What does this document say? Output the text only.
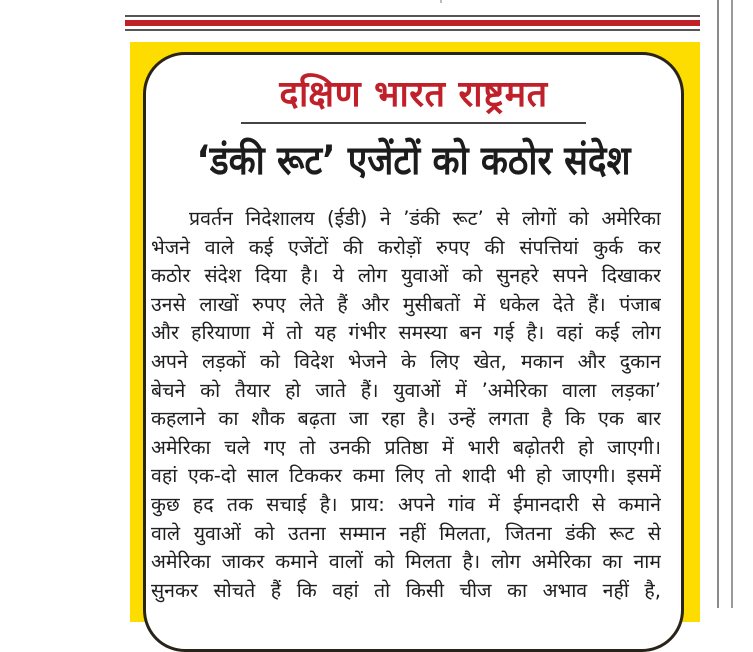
दक्षिण भारत राष्ट्रमत
‘डंकी रूट’ एजेंटों को कठोर संदेश
प्रवर्तन निदेशालय (ईडी) ने ’डंकी रूट’ से लोगों को अमेरिका
भेजने वाले कई एजेंटों की करोड़ों रुपए की संपत्तियां कुर्क कर
कठोर संदेश दिया है। ये लोग युवाओं को सुनहरे सपने दिखाकर
उनसे लाखों रुपए लेते हैं और मुसीबतों में धकेल देते हैं। पंजाब
और हरियाणा में तो यह गंभीर समस्या बन गई है। वहां कई लोग
अपने लड़कों को विदेश भेजने के लिए खेत, मकान और दुकान
बेचने को तैयार हो जाते हैं। युवाओं में ’अमेरिका वाला लड़का’
कहलाने का शौक बढ़ता जा रहा है। उन्हें लगता है कि एक बार
अमेरिका चले गए तो उनकी प्रतिष्ठा में भारी बढ़ोतरी हो जाएगी।
वहां एक-दो साल टिककर कमा लिए तो शादी भी हो जाएगी। इसमें
कुछ हद तक सचाई है। प्राय: अपने गांव में ईमानदारी से कमाने
वाले युवाओं को उतना सम्मान नहीं मिलता, जितना डंकी रूट से
अमेरिका जाकर कमाने वालों को मिलता है। लोग अमेरिका का नाम
सुनकर सोचते हैं कि वहां तो किसी चीज का अभाव नहीं है,
